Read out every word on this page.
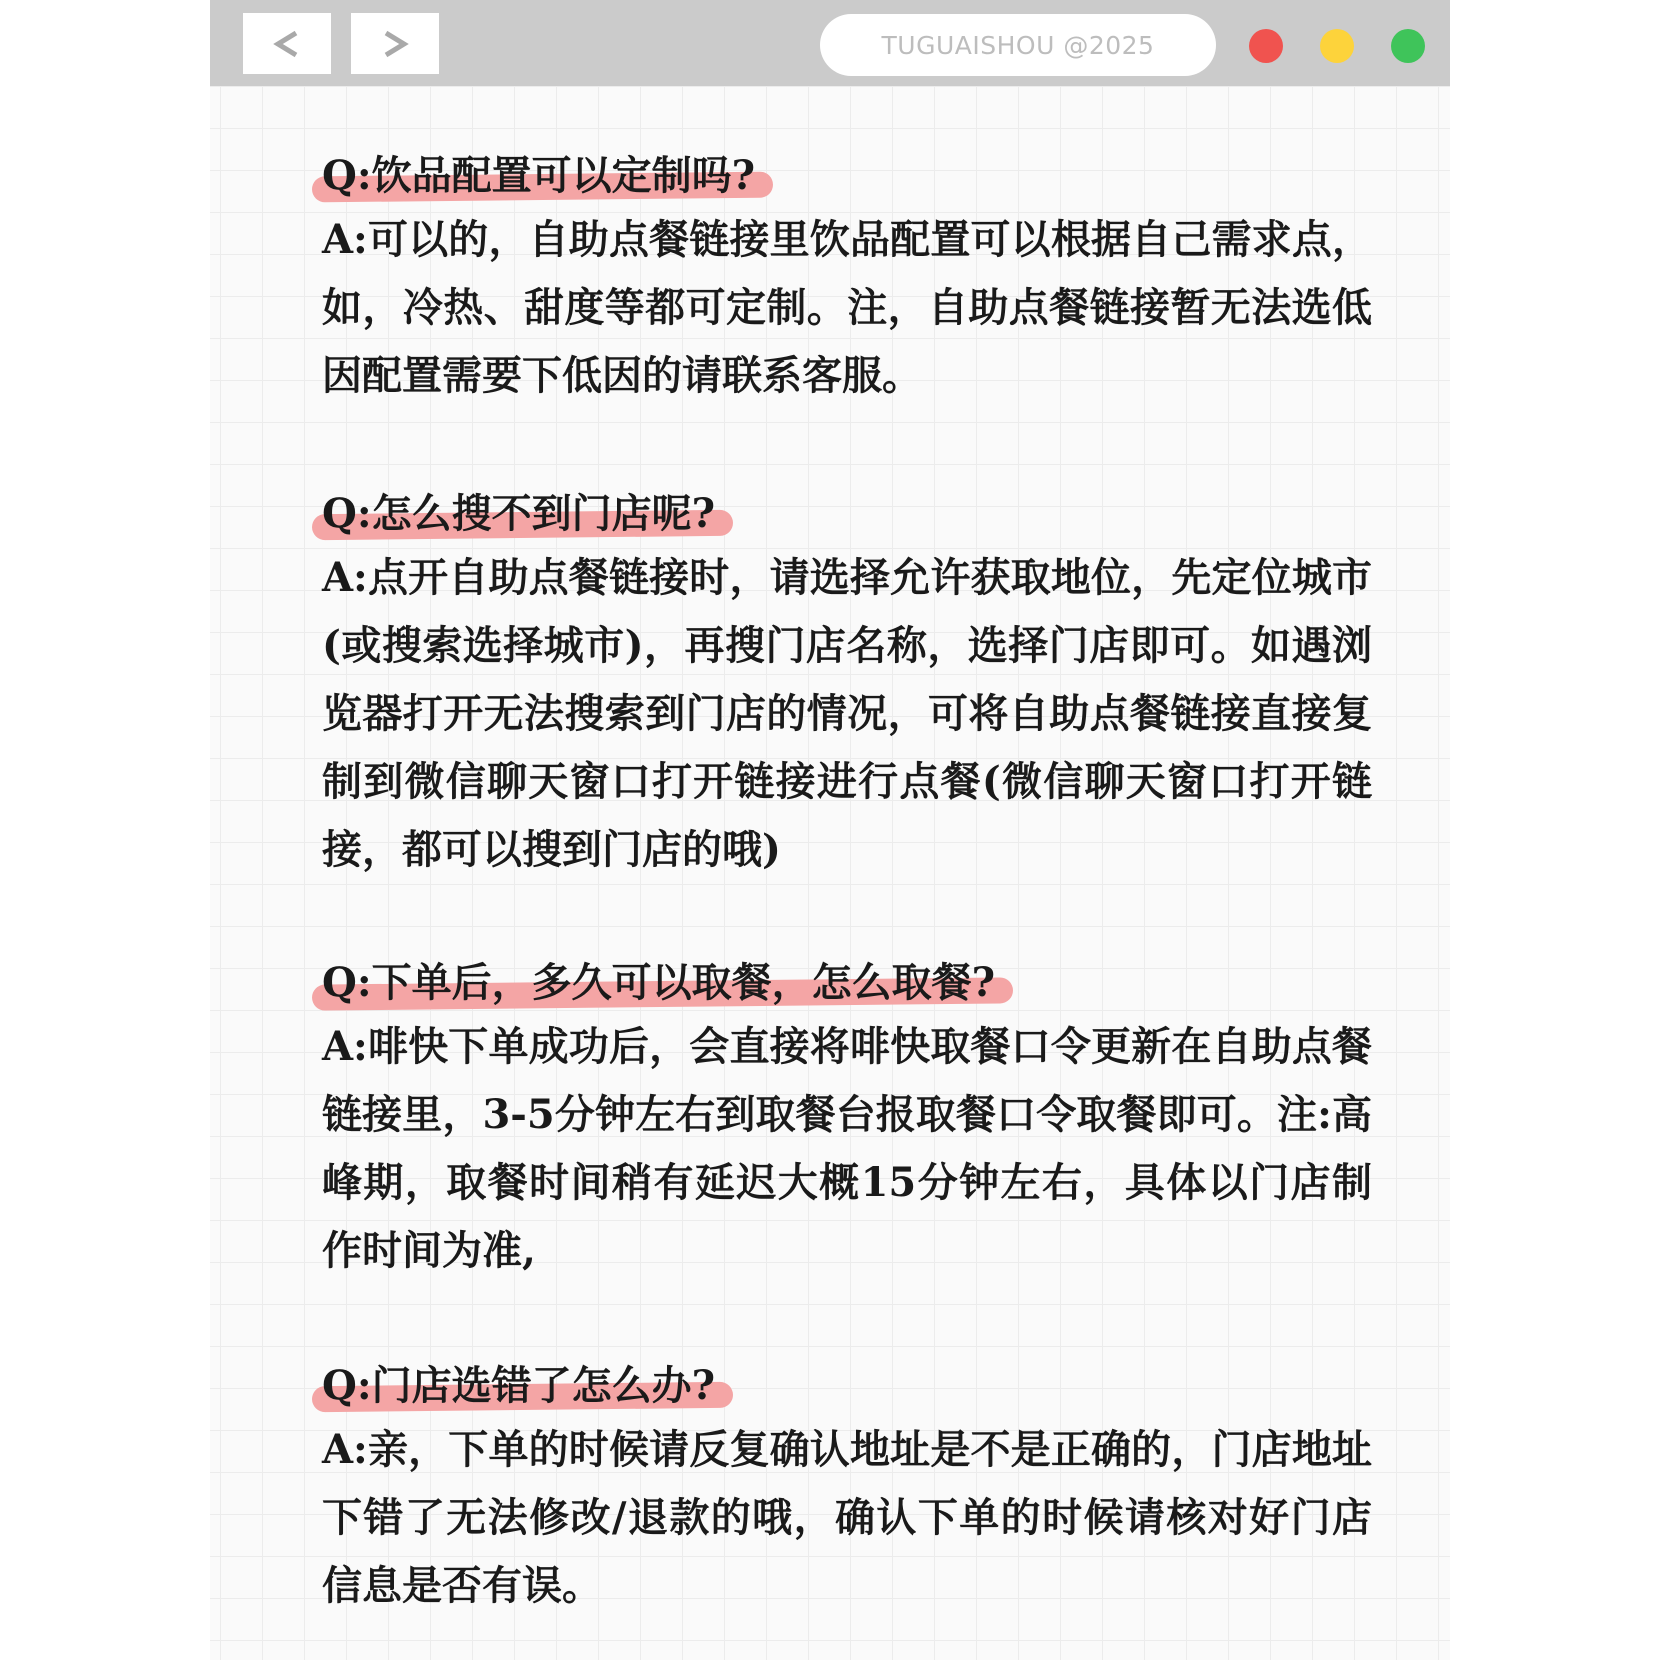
TUGUAISHOU @2025
Q:饮品配置可以定制吗?

A:可以的，自助点餐链接里饮品配置可以根据自己需求点，如，冷热、甜度等都可定制。注，自助点餐链接暂无法选低因配置需要下低因的请联系客服。

Q:怎么搜不到门店呢?

A:点开自助点餐链接时，请选择允许获取地位，先定位城市(或搜索选择城市)，再搜门店名称，选择门店即可。如遇浏览器打开无法搜索到门店的情况，可将自助点餐链接直接复制到微信聊天窗口打开链接进行点餐(微信聊天窗口打开链接，都可以搜到门店的哦)

Q:下单后，多久可以取餐，怎么取餐?

A:啡快下单成功后，会直接将啡快取餐口令更新在自助点餐链接里，3-5分钟左右到取餐台报取餐口令取餐即可。注:高峰期，取餐时间稍有延迟大概15分钟左右，具体以门店制作时间为准,

Q:门店选错了怎么办?

A:亲，下单的时候请反复确认地址是不是正确的，门店地址下错了无法修改/退款的哦，确认下单的时候请核对好门店信息是否有误。
